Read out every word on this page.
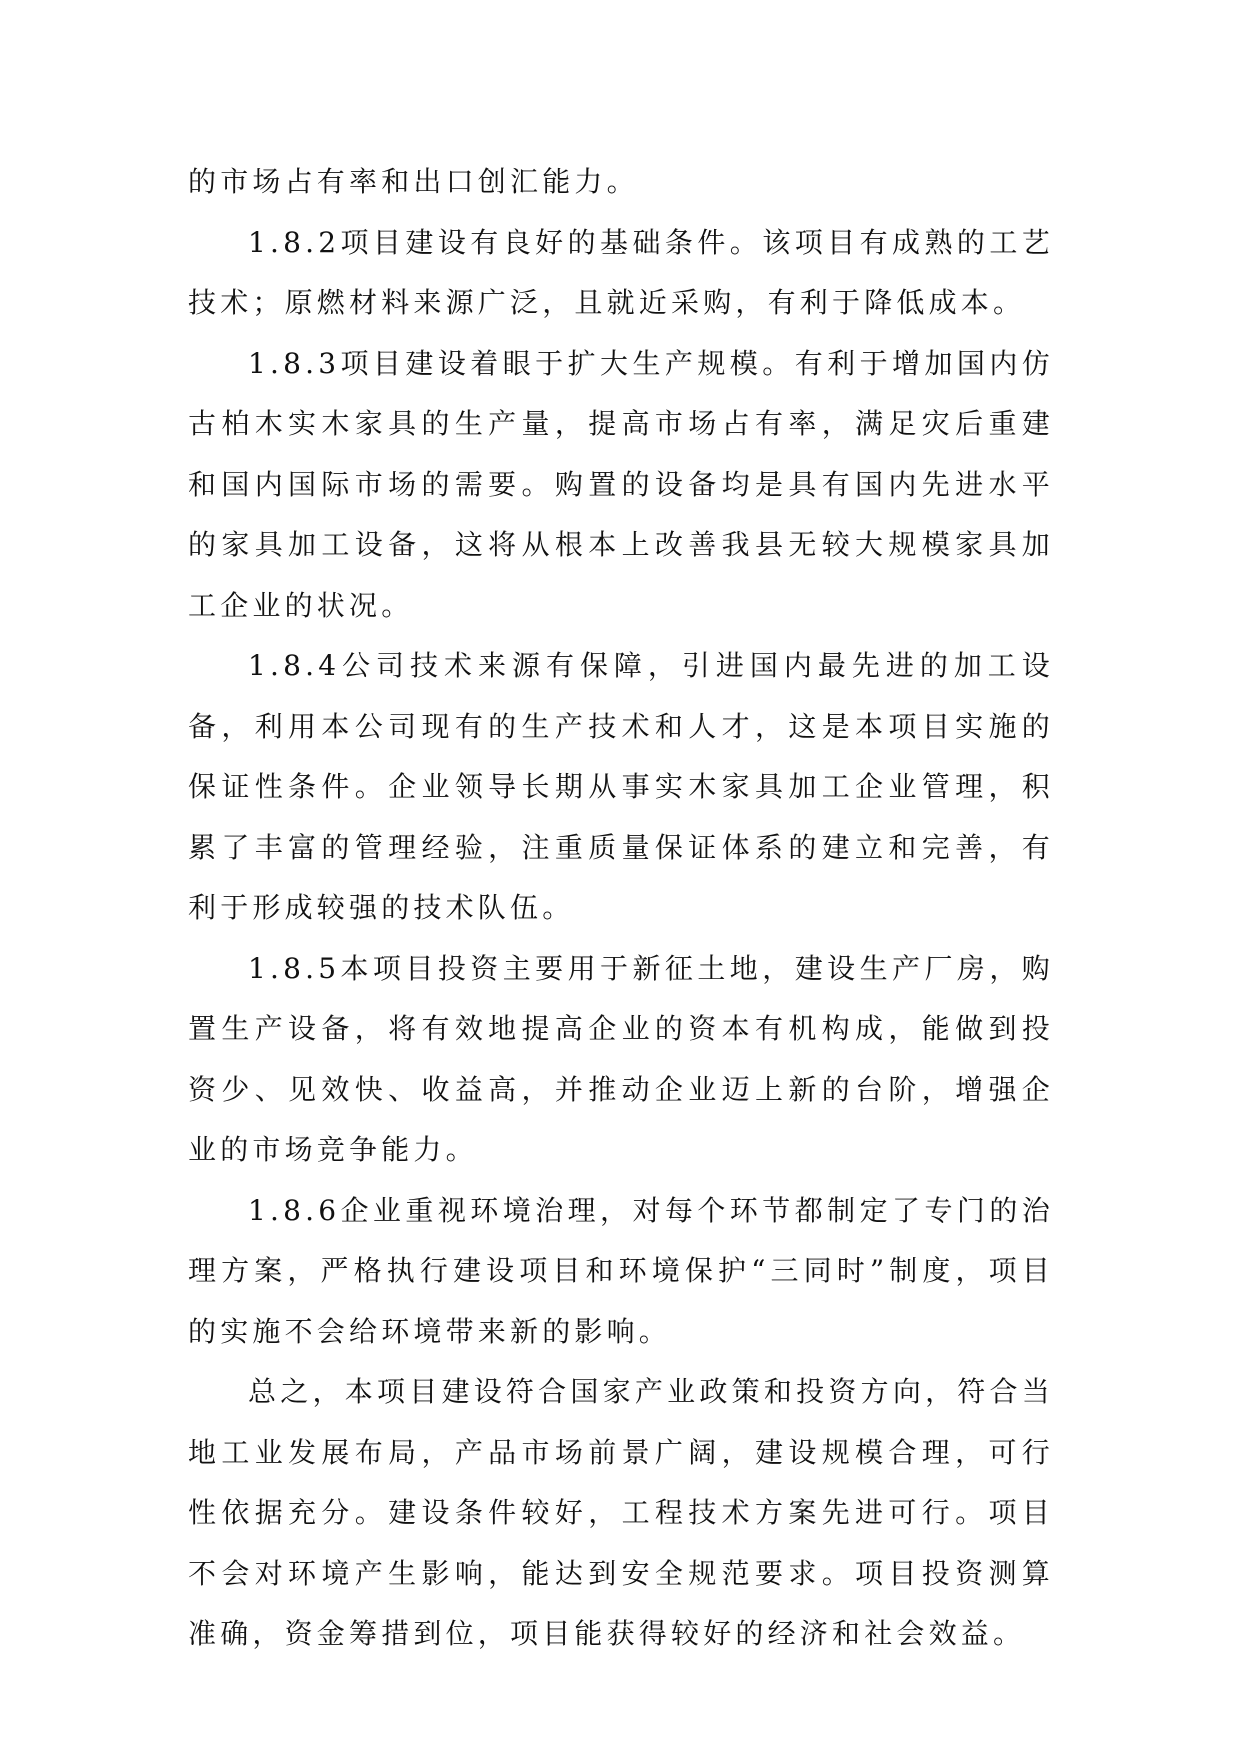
的市场占有率和出口创汇能力。

1.8.2项目建设有良好的基础条件。该项目有成熟的工艺技术；原燃材料来源广泛，且就近采购，有利于降低成本。

1.8.3项目建设着眼于扩大生产规模。有利于增加国内仿古柏木实木家具的生产量，提高市场占有率，满足灾后重建和国内国际市场的需要。购置的设备均是具有国内先进水平的家具加工设备，这将从根本上改善我县无较大规模家具加工企业的状况。

1.8.4公司技术来源有保障，引进国内最先进的加工设备，利用本公司现有的生产技术和人才，这是本项目实施的保证性条件。企业领导长期从事实木家具加工企业管理，积累了丰富的管理经验，注重质量保证体系的建立和完善，有利于形成较强的技术队伍。

1.8.5本项目投资主要用于新征土地，建设生产厂房，购置生产设备，将有效地提高企业的资本有机构成，能做到投资少、见效快、收益高，并推动企业迈上新的台阶，增强企业的市场竞争能力。

1.8.6企业重视环境治理，对每个环节都制定了专门的治理方案，严格执行建设项目和环境保护“三同时”制度，项目的实施不会给环境带来新的影响。

总之，本项目建设符合国家产业政策和投资方向，符合当地工业发展布局，产品市场前景广阔，建设规模合理，可行性依据充分。建设条件较好，工程技术方案先进可行。项目不会对环境产生影响，能达到安全规范要求。项目投资测算准确，资金筹措到位，项目能获得较好的经济和社会效益。
